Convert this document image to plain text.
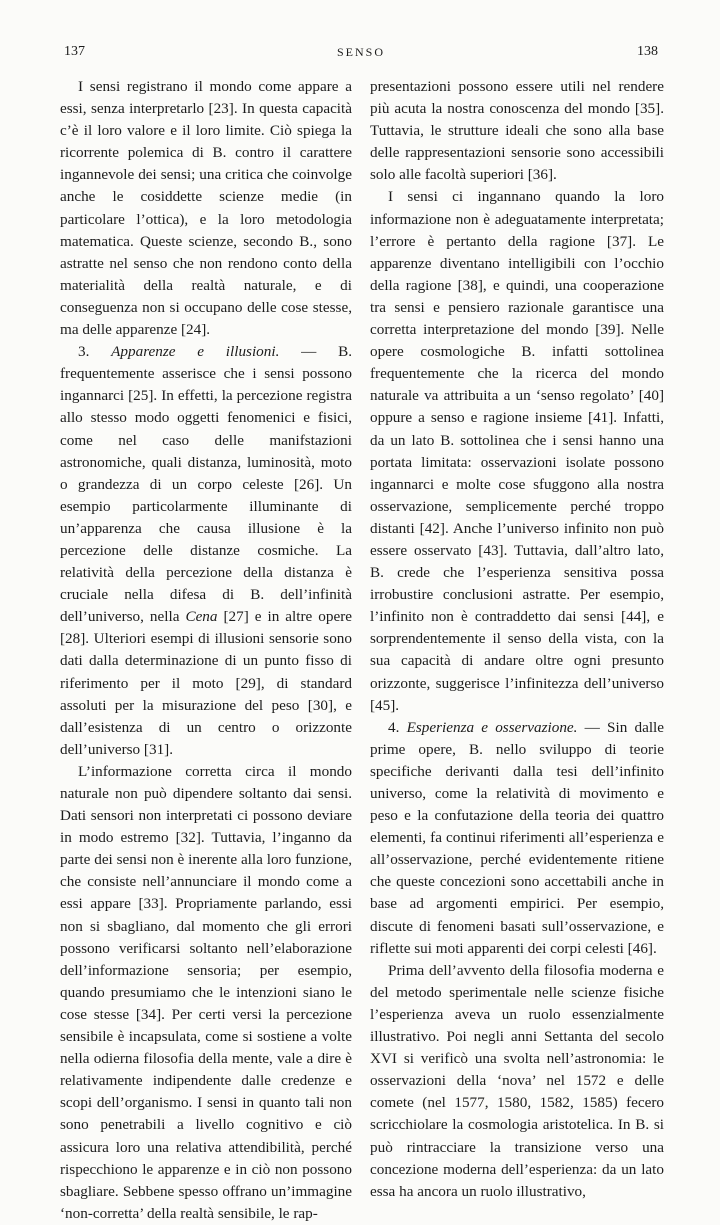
137	SENSO	138

I sensi registrano il mondo come appare a essi, senza interpretarlo [23]. In questa capacità c’è il loro valore e il loro limite. Ciò spiega la ricorrente polemica di B. contro il carattere ingannevole dei sensi; una critica che coinvolge anche le cosiddette scienze medie (in particolare l’ottica), e la loro metodologia matematica. Queste scienze, secondo B., sono astratte nel senso che non rendono conto della materialità della realtà naturale, e di conseguenza non si occupano delle cose stesse, ma delle apparenze [24].

3. Apparenze e illusioni. — B. frequentemente asserisce che i sensi possono ingannarci [25]. In effetti, la percezione registra allo stesso modo oggetti fenomenici e fisici, come nel caso delle manifstazioni astronomiche, quali distanza, luminosità, moto o grandezza di un corpo celeste [26]. Un esempio particolarmente illuminante di un’apparenza che causa illusione è la percezione delle distanze cosmiche. La relatività della percezione della distanza è cruciale nella difesa di B. dell’infinità dell’universo, nella Cena [27] e in altre opere [28]. Ulteriori esempi di illusioni sensorie sono dati dalla determinazione di un punto fisso di riferimento per il moto [29], di standard assoluti per la misurazione del peso [30], e dall’esistenza di un centro o orizzonte dell’universo [31].

L’informazione corretta circa il mondo naturale non può dipendere soltanto dai sensi. Dati sensori non interpretati ci possono deviare in modo estremo [32]. Tuttavia, l’inganno da parte dei sensi non è inerente alla loro funzione, che consiste nell’annunciare il mondo come a essi appare [33]. Propriamente parlando, essi non si sbagliano, dal momento che gli errori possono verificarsi soltanto nell’elaborazione dell’informazione sensoria; per esempio, quando presumiamo che le intenzioni siano le cose stesse [34]. Per certi versi la percezione sensibile è incapsulata, come si sostiene a volte nella odierna filosofia della mente, vale a dire è relativamente indipendente dalle credenze e scopi dell’organismo. I sensi in quanto tali non sono penetrabili a livello cognitivo e ciò assicura loro una relativa attendibilità, perché rispecchiono le apparenze e in ciò non possono sbagliare. Sebbene spesso offrano un’immagine ‘non-corretta’ della realtà sensibile, le rap-

presentazioni possono essere utili nel rendere più acuta la nostra conoscenza del mondo [35]. Tuttavia, le strutture ideali che sono alla base delle rappresentazioni sensorie sono accessibili solo alle facoltà superiori [36].

I sensi ci ingannano quando la loro informazione non è adeguatamente interpretata; l’errore è pertanto della ragione [37]. Le apparenze diventano intelligibili con l’occhio della ragione [38], e quindi, una cooperazione tra sensi e pensiero razionale garantisce una corretta interpretazione del mondo [39]. Nelle opere cosmologiche B. infatti sottolinea frequentemente che la ricerca del mondo naturale va attribuita a un ‘senso regolato’ [40] oppure a senso e ragione insieme [41]. Infatti, da un lato B. sottolinea che i sensi hanno una portata limitata: osservazioni isolate possono ingannarci e molte cose sfuggono alla nostra osservazione, semplicemente perché troppo distanti [42]. Anche l’universo infinito non può essere osservato [43]. Tuttavia, dall’altro lato, B. crede che l’esperienza sensitiva possa irrobustire conclusioni astratte. Per esempio, l’infinito non è contraddetto dai sensi [44], e sorprendentemente il senso della vista, con la sua capacità di andare oltre ogni presunto orizzonte, suggerisce l’infinitezza dell’universo [45].

4. Esperienza e osservazione. — Sin dalle prime opere, B. nello sviluppo di teorie specifiche derivanti dalla tesi dell’infinito universo, come la relatività di movimento e peso e la confutazione della teoria dei quattro elementi, fa continui riferimenti all’esperienza e all’osservazione, perché evidentemente ritiene che queste concezioni sono accettabili anche in base ad argomenti empirici. Per esempio, discute di fenomeni basati sull’osservazione, e riflette sui moti apparenti dei corpi celesti [46].

Prima dell’avvento della filosofia moderna e del metodo sperimentale nelle scienze fisiche l’esperienza aveva un ruolo essenzialmente illustrativo. Poi negli anni Settanta del secolo XVI si verificò una svolta nell’astronomia: le osservazioni della ‘nova’ nel 1572 e delle comete (nel 1577, 1580, 1582, 1585) fecero scricchiolare la cosmologia aristotelica. In B. si può rintracciare la transizione verso una concezione moderna dell’esperienza: da un lato essa ha ancora un ruolo illustrativo,
